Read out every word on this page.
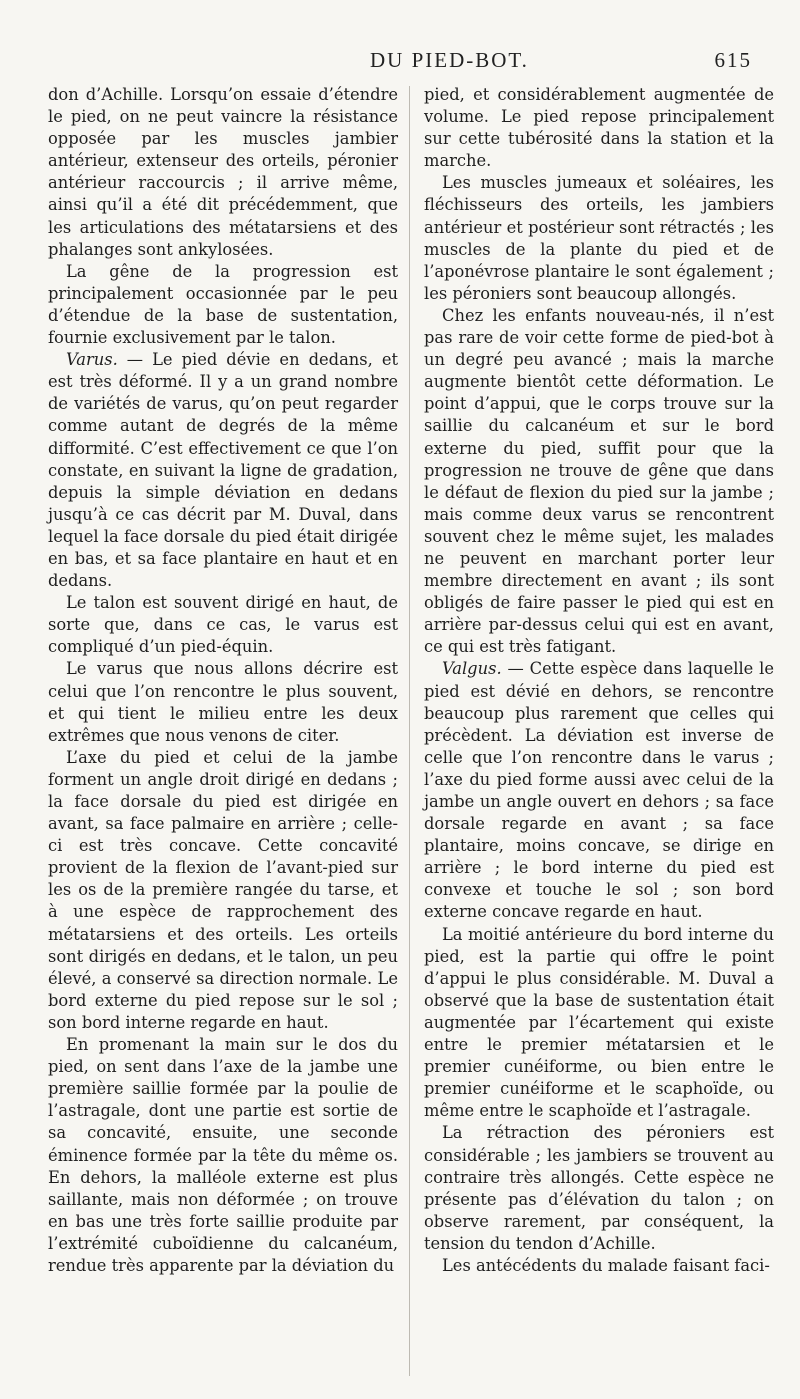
DU PIED-BOT.	615

don d’Achille. Lorsqu’on essaie d’étendre le pied, on ne peut vaincre la résistance opposée par les muscles jambier antérieur, extenseur des orteils, péronier antérieur raccourcis ; il arrive même, ainsi qu’il a été dit précédemment, que les articulations des métatarsiens et des phalanges sont ankylosées.

La gêne de la progression est principalement occasionnée par le peu d’étendue de la base de sustentation, fournie exclusivement par le talon.

Varus. — Le pied dévie en dedans, et est très déformé. Il y a un grand nombre de variétés de varus, qu’on peut regarder comme autant de degrés de la même difformité. C’est effectivement ce que l’on constate, en suivant la ligne de gradation, depuis la simple déviation en dedans jusqu’à ce cas décrit par M. Duval, dans lequel la face dorsale du pied était dirigée en bas, et sa face plantaire en haut et en dedans.

Le talon est souvent dirigé en haut, de sorte que, dans ce cas, le varus est compliqué d’un pied-équin.

Le varus que nous allons décrire est celui que l’on rencontre le plus souvent, et qui tient le milieu entre les deux extrêmes que nous venons de citer.

L’axe du pied et celui de la jambe forment un angle droit dirigé en dedans ; la face dorsale du pied est dirigée en avant, sa face palmaire en arrière ; celle-ci est très concave. Cette concavité provient de la flexion de l’avant-pied sur les os de la première rangée du tarse, et à une espèce de rapprochement des métatarsiens et des orteils. Les orteils sont dirigés en dedans, et le talon, un peu élevé, a conservé sa direction normale. Le bord externe du pied repose sur le sol ; son bord interne regarde en haut.

En promenant la main sur le dos du pied, on sent dans l’axe de la jambe une première saillie formée par la poulie de l’astragale, dont une partie est sortie de sa concavité, ensuite, une seconde éminence formée par la tête du même os. En dehors, la malléole externe est plus saillante, mais non déformée ; on trouve en bas une très forte saillie produite par l’extrémité cuboïdienne du calcanéum, rendue très apparente par la déviation du

pied, et considérablement augmentée de volume. Le pied repose principalement sur cette tubérosité dans la station et la marche.

Les muscles jumeaux et soléaires, les fléchisseurs des orteils, les jambiers antérieur et postérieur sont rétractés ; les muscles de la plante du pied et de l’aponévrose plantaire le sont également ; les péroniers sont beaucoup allongés.

Chez les enfants nouveau-nés, il n’est pas rare de voir cette forme de pied-bot à un degré peu avancé ; mais la marche augmente bientôt cette déformation. Le point d’appui, que le corps trouve sur la saillie du calcanéum et sur le bord externe du pied, suffit pour que la progression ne trouve de gêne que dans le défaut de flexion du pied sur la jambe ; mais comme deux varus se rencontrent souvent chez le même sujet, les malades ne peuvent en marchant porter leur membre directement en avant ; ils sont obligés de faire passer le pied qui est en arrière par-dessus celui qui est en avant, ce qui est très fatigant.

Valgus. — Cette espèce dans laquelle le pied est dévié en dehors, se rencontre beaucoup plus rarement que celles qui précèdent. La déviation est inverse de celle que l’on rencontre dans le varus ; l’axe du pied forme aussi avec celui de la jambe un angle ouvert en dehors ; sa face dorsale regarde en avant ; sa face plantaire, moins concave, se dirige en arrière ; le bord interne du pied est convexe et touche le sol ; son bord externe concave regarde en haut.

La moitié antérieure du bord interne du pied, est la partie qui offre le point d’appui le plus considérable. M. Duval a observé que la base de sustentation était augmentée par l’écartement qui existe entre le premier métatarsien et le premier cunéiforme, ou bien entre le premier cunéiforme et le scaphoïde, ou même entre le scaphoïde et l’astragale.

La rétraction des péroniers est considérable ; les jambiers se trouvent au contraire très allongés. Cette espèce ne présente pas d’élévation du talon ; on observe rarement, par conséquent, la tension du tendon d’Achille.

Les antécédents du malade faisant faci-
